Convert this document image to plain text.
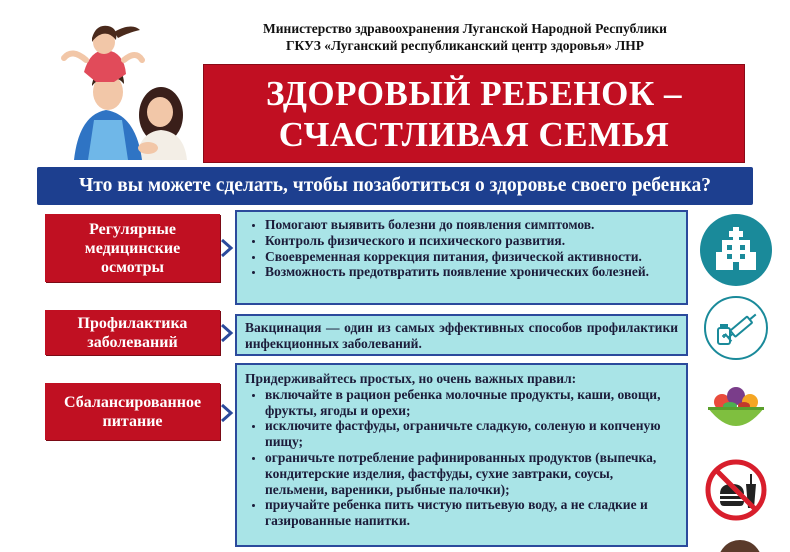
Министерство здравоохранения Луганской Народной Республики
ГКУЗ «Луганский республиканский центр здоровья» ЛНР
ЗДОРОВЫЙ РЕБЕНОК –
СЧАСТЛИВАЯ СЕМЬЯ
Что вы можете сделать, чтобы позаботиться о здоровье своего ребенка?
Регулярные
медицинские
осмотры
• Помогают выявить болезни до появления симптомов.
• Контроль физического и психического развития.
• Своевременная коррекция питания, физической активности.
• Возможность предотвратить появление хронических болезней.
Профилактика
заболеваний
Вакцинация — один из самых эффективных способов профилактики инфекционных заболеваний.
Сбалансированное
питание
Придерживайтесь простых, но очень важных правил:
• включайте в рацион ребенка молочные продукты, каши, овощи, фрукты, ягоды и орехи;
• исключите фастфуды, ограничьте сладкую, соленую и копченую пищу;
• ограничьте потребление рафинированных продуктов (выпечка, кондитерские изделия, фастфуды, сухие завтраки, соусы, пельмени, вареники, рыбные палочки);
• приучайте ребенка пить чистую питьевую воду, а не сладкие и газированные напитки.
